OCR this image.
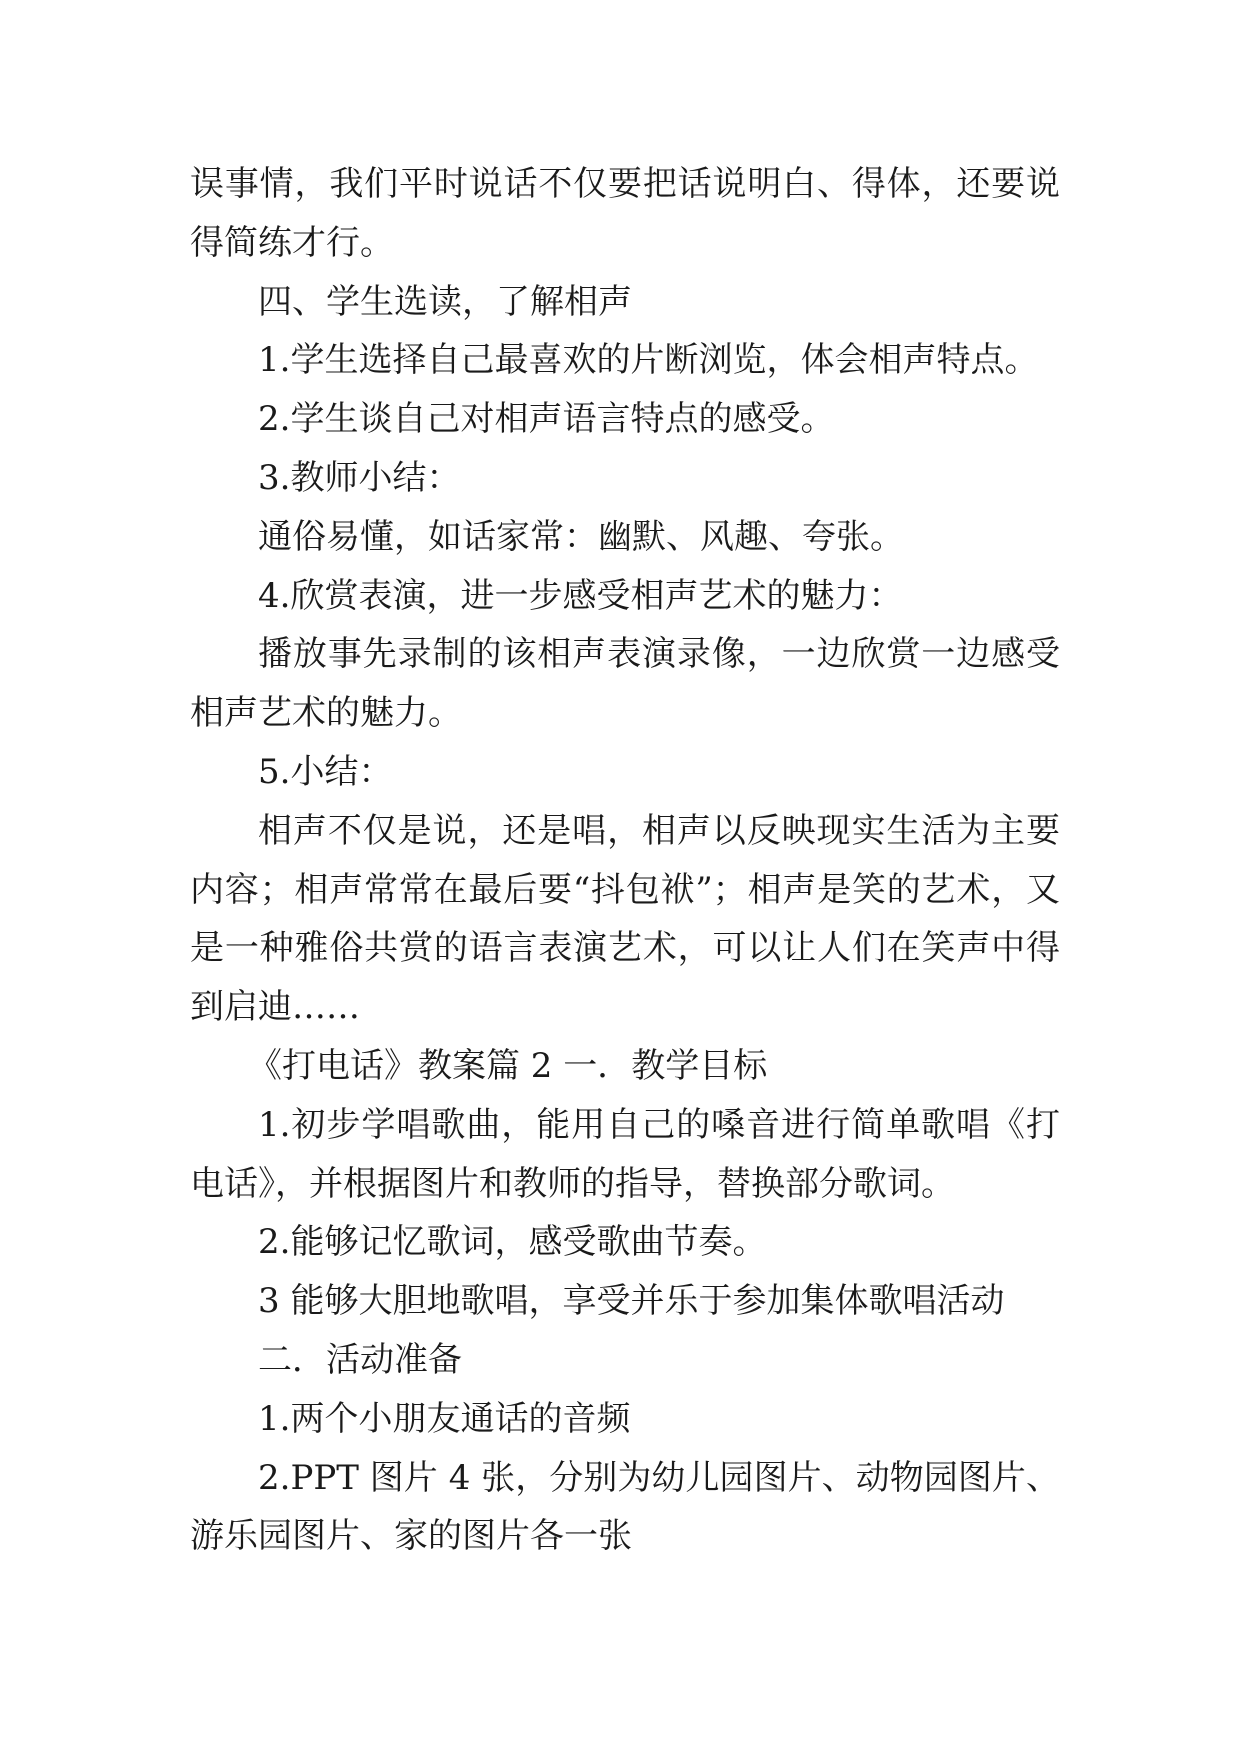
误事情，我们平时说话不仅要把话说明白、得体，还要说得简练才行。

四、学生选读，了解相声

1.学生选择自己最喜欢的片断浏览，体会相声特点。

2.学生谈自己对相声语言特点的感受。

3.教师小结：

通俗易懂，如话家常：幽默、风趣、夸张。

4.欣赏表演，进一步感受相声艺术的魅力：

播放事先录制的该相声表演录像，一边欣赏一边感受相声艺术的魅力。

5.小结：

相声不仅是说，还是唱，相声以反映现实生活为主要内容；相声常常在最后要“抖包袱”；相声是笑的艺术，又是一种雅俗共赏的语言表演艺术，可以让人们在笑声中得到启迪……

《打电话》教案篇 2 一．教学目标

1.初步学唱歌曲，能用自己的嗓音进行简单歌唱《打电话》，并根据图片和教师的指导，替换部分歌词。

2.能够记忆歌词，感受歌曲节奏。

3 能够大胆地歌唱，享受并乐于参加集体歌唱活动

二．活动准备

1.两个小朋友通话的音频

2.PPT 图片 4 张，分别为幼儿园图片、动物园图片、游乐园图片、家的图片各一张
